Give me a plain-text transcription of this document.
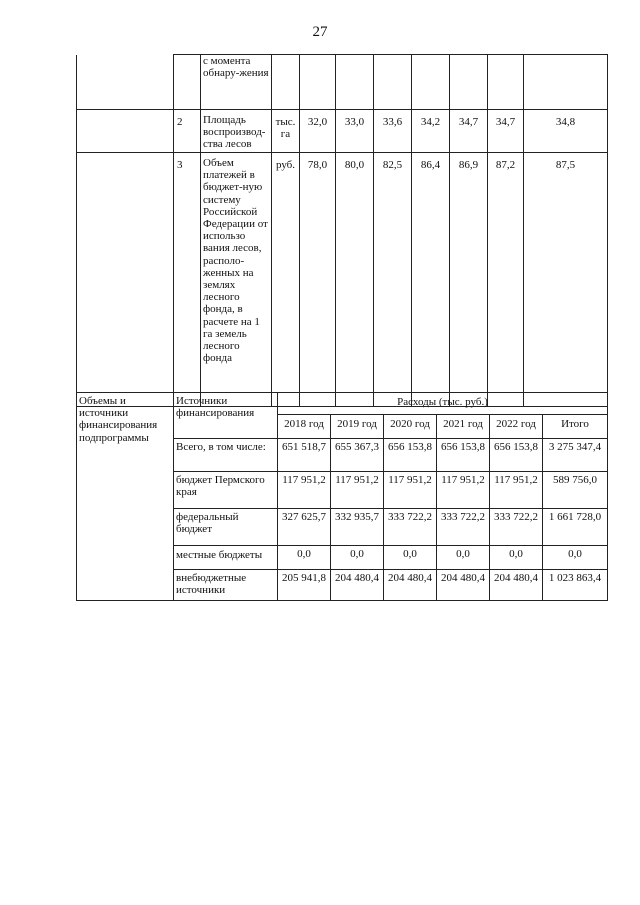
27
		с момента обнару-жения								
	2	Площадь воспроизвод-ства лесов	тыс. га	32,0	33,0	33,6	34,2	34,7	34,7	34,8
	3	Объем платежей в бюджет-ную систему Российской Федерации от использо вания лесов, располо-женных на землях лесного фонда, в расчете на 1 га земель лесного фонда	руб.	78,0	80,0	82,5	86,4	86,9	87,2	87,5
Объемы и источники финансирования подпрограммы	Источники финансирования	Расходы (тыс. руб.)					
		2018 год	2019 год	2020 год	2021 год	2022 год	Итого
	Всего, в том числе:	651 518,7	655 367,3	656 153,8	656 153,8	656 153,8	3 275 347,4
	бюджет Пермского края	117 951,2	117 951,2	117 951,2	117 951,2	117 951,2	589 756,0
	федеральный бюджет	327 625,7	332 935,7	333 722,2	333 722,2	333 722,2	1 661 728,0
	местные бюджеты	0,0	0,0	0,0	0,0	0,0	0,0
	внебюджетные источники	205 941,8	204 480,4	204 480,4	204 480,4	204 480,4	1 023 863,4
